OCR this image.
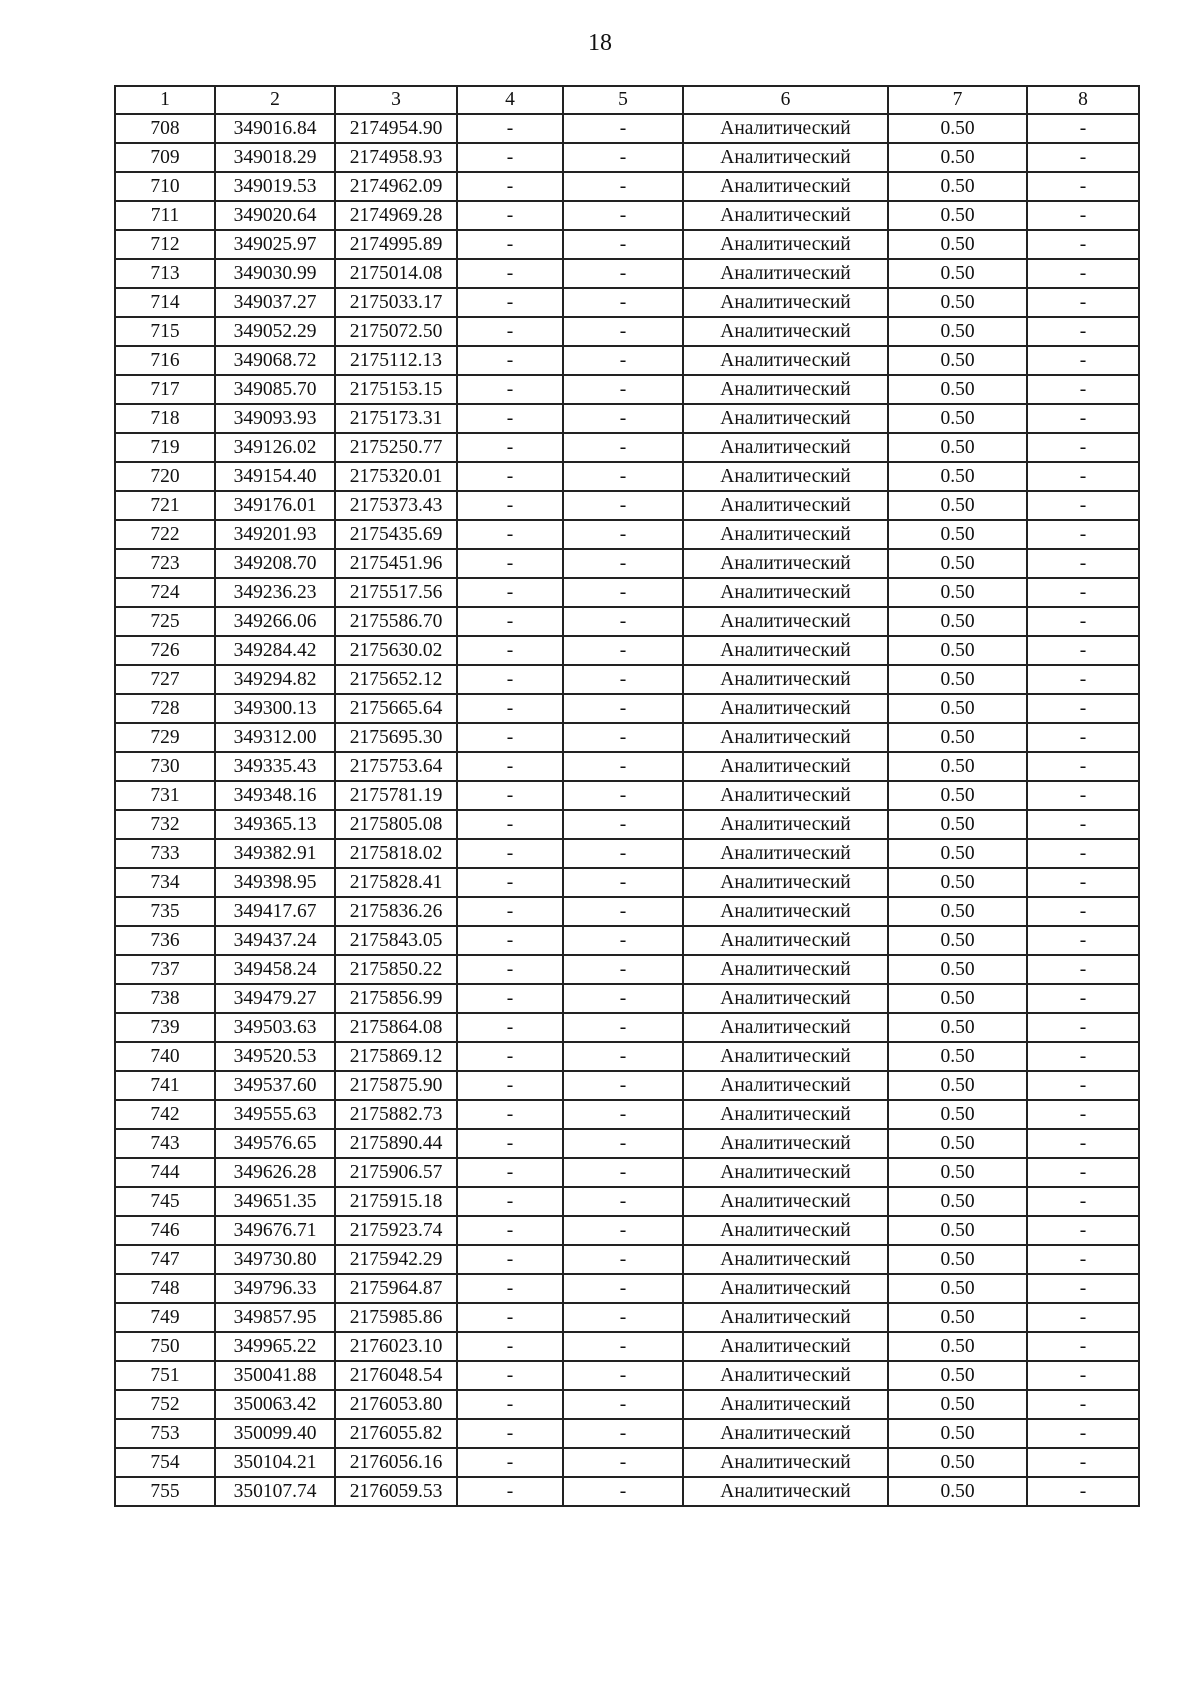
18
1	2	3	4	5	6	7	8
708	349016.84	2174954.90	-	-	Аналитический	0.50	-
709	349018.29	2174958.93	-	-	Аналитический	0.50	-
710	349019.53	2174962.09	-	-	Аналитический	0.50	-
711	349020.64	2174969.28	-	-	Аналитический	0.50	-
712	349025.97	2174995.89	-	-	Аналитический	0.50	-
713	349030.99	2175014.08	-	-	Аналитический	0.50	-
714	349037.27	2175033.17	-	-	Аналитический	0.50	-
715	349052.29	2175072.50	-	-	Аналитический	0.50	-
716	349068.72	2175112.13	-	-	Аналитический	0.50	-
717	349085.70	2175153.15	-	-	Аналитический	0.50	-
718	349093.93	2175173.31	-	-	Аналитический	0.50	-
719	349126.02	2175250.77	-	-	Аналитический	0.50	-
720	349154.40	2175320.01	-	-	Аналитический	0.50	-
721	349176.01	2175373.43	-	-	Аналитический	0.50	-
722	349201.93	2175435.69	-	-	Аналитический	0.50	-
723	349208.70	2175451.96	-	-	Аналитический	0.50	-
724	349236.23	2175517.56	-	-	Аналитический	0.50	-
725	349266.06	2175586.70	-	-	Аналитический	0.50	-
726	349284.42	2175630.02	-	-	Аналитический	0.50	-
727	349294.82	2175652.12	-	-	Аналитический	0.50	-
728	349300.13	2175665.64	-	-	Аналитический	0.50	-
729	349312.00	2175695.30	-	-	Аналитический	0.50	-
730	349335.43	2175753.64	-	-	Аналитический	0.50	-
731	349348.16	2175781.19	-	-	Аналитический	0.50	-
732	349365.13	2175805.08	-	-	Аналитический	0.50	-
733	349382.91	2175818.02	-	-	Аналитический	0.50	-
734	349398.95	2175828.41	-	-	Аналитический	0.50	-
735	349417.67	2175836.26	-	-	Аналитический	0.50	-
736	349437.24	2175843.05	-	-	Аналитический	0.50	-
737	349458.24	2175850.22	-	-	Аналитический	0.50	-
738	349479.27	2175856.99	-	-	Аналитический	0.50	-
739	349503.63	2175864.08	-	-	Аналитический	0.50	-
740	349520.53	2175869.12	-	-	Аналитический	0.50	-
741	349537.60	2175875.90	-	-	Аналитический	0.50	-
742	349555.63	2175882.73	-	-	Аналитический	0.50	-
743	349576.65	2175890.44	-	-	Аналитический	0.50	-
744	349626.28	2175906.57	-	-	Аналитический	0.50	-
745	349651.35	2175915.18	-	-	Аналитический	0.50	-
746	349676.71	2175923.74	-	-	Аналитический	0.50	-
747	349730.80	2175942.29	-	-	Аналитический	0.50	-
748	349796.33	2175964.87	-	-	Аналитический	0.50	-
749	349857.95	2175985.86	-	-	Аналитический	0.50	-
750	349965.22	2176023.10	-	-	Аналитический	0.50	-
751	350041.88	2176048.54	-	-	Аналитический	0.50	-
752	350063.42	2176053.80	-	-	Аналитический	0.50	-
753	350099.40	2176055.82	-	-	Аналитический	0.50	-
754	350104.21	2176056.16	-	-	Аналитический	0.50	-
755	350107.74	2176059.53	-	-	Аналитический	0.50	-
